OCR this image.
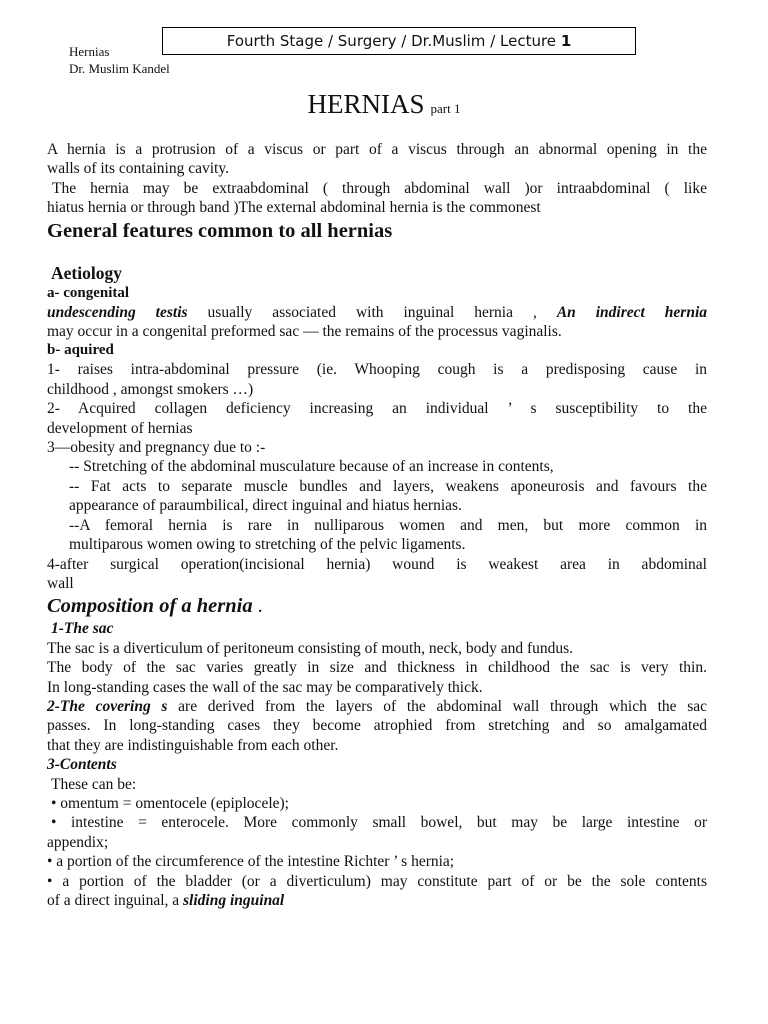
Hernias
Dr. Muslim Kandel
Fourth Stage / Surgery / Dr.Muslim / Lecture 1
HERNIAS part 1

A hernia is a protrusion of a viscus or part of a viscus through an abnormal opening in the

walls of its containing cavity.

The hernia may be extraabdominal ( through abdominal wall )or intraabdominal ( like

hiatus hernia or through band )The external abdominal hernia is the commonest

General features common to all hernias

Aetiology

a- congenital

undescending testis usually associated with inguinal hernia , An indirect hernia

may occur in a congenital preformed sac — the remains of the processus vaginalis.

b- aquired

1- raises intra-abdominal pressure (ie. Whooping cough is a predisposing cause in

childhood , amongst smokers …)

2- Acquired collagen deficiency increasing an individual ’ s susceptibility to the

development of hernias

3—obesity and pregnancy due to :-

-- Stretching of the abdominal musculature because of an increase in contents,

-- Fat acts to separate muscle bundles and layers, weakens aponeurosis and favours the

appearance of paraumbilical, direct inguinal and hiatus hernias.

--A femoral hernia is rare in nulliparous women and men, but more common in

multiparous women owing to stretching of the pelvic ligaments.

4-after surgical operation(incisional hernia) wound is weakest area in abdominal

wall

Composition of a hernia .

1-The sac

The sac is a diverticulum of peritoneum consisting of mouth, neck, body and fundus.

The body of the sac varies greatly in size and thickness in childhood the sac is very thin.

In long-standing cases the wall of the sac may be comparatively thick.

2-The covering s are derived from the layers of the abdominal wall through which the sac

passes. In long-standing cases they become atrophied from stretching and so amalgamated

that they are indistinguishable from each other.

3-Contents

These can be:

• omentum = omentocele (epiplocele);

• intestine = enterocele. More commonly small bowel, but may be large intestine or

appendix;

• a portion of the circumference of the intestine Richter ’ s hernia;

• a portion of the bladder (or a diverticulum) may constitute part of or be the sole contents

of a direct inguinal, a sliding inguinal
